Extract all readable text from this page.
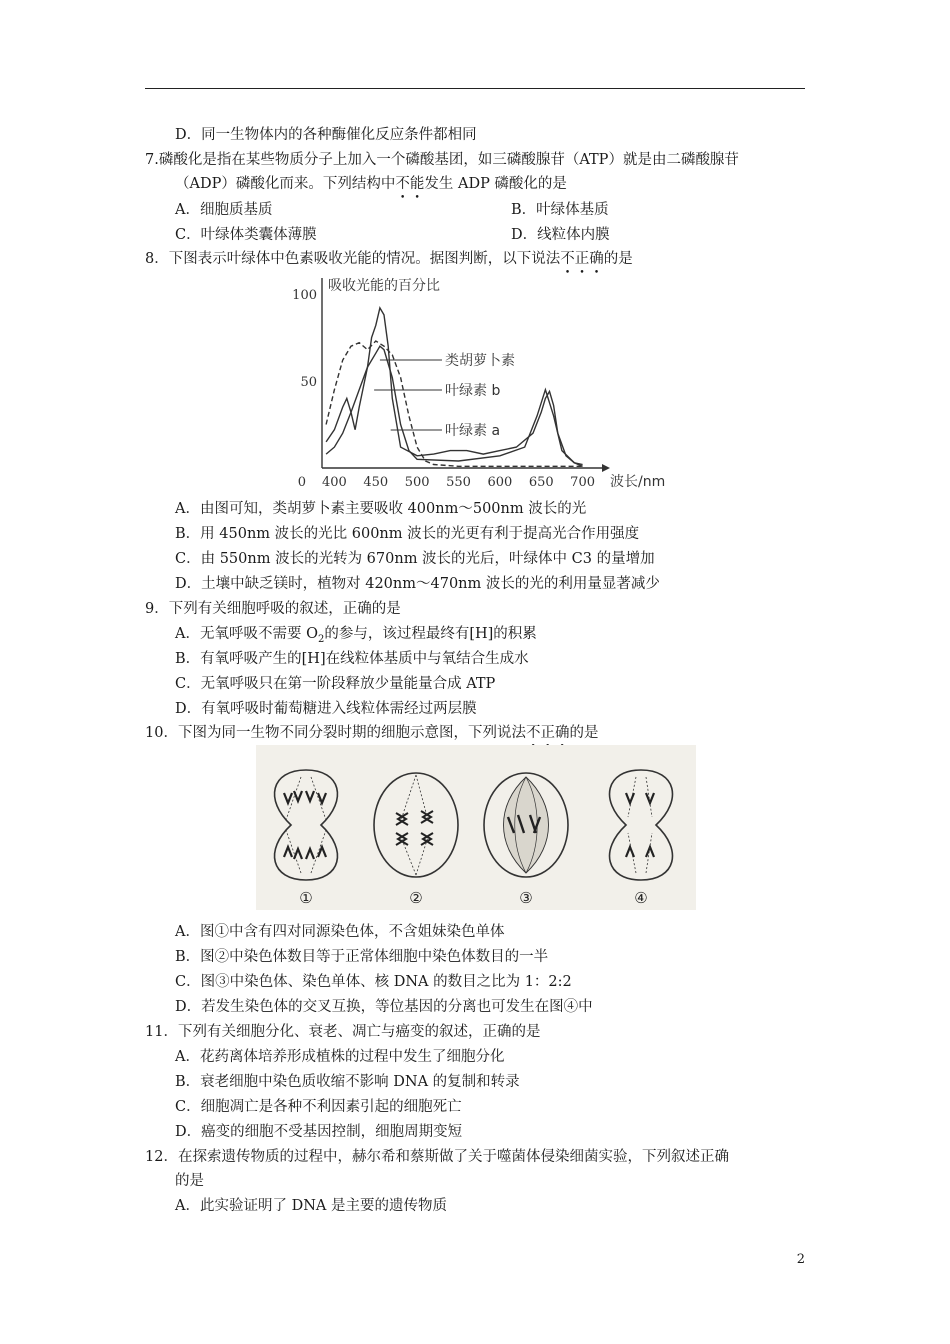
D．同一生物体内的各种酶催化反应条件都相同
7.磷酸化是指在某些物质分子上加入一个磷酸基团，如三磷酸腺苷（ATP）就是由二磷酸腺苷
（ADP）磷酸化而来。下列结构中不能发生 ADP 磷酸化的是
A．细胞质基质	B．叶绿体基质
C．叶绿体类囊体薄膜	D．线粒体内膜
8．下图表示叶绿体中色素吸收光能的情况。据图判断，以下说法不正确的是
吸收光能的百分比
400 450 500 550 600 650 700
100
50
0
类胡萝卜素
叶绿素 b
叶绿素 a
波长/nm
A．由图可知，类胡萝卜素主要吸收 400nm～500nm 波长的光
B．用 450nm 波长的光比 600nm 波长的光更有利于提高光合作用强度
C．由 550nm 波长的光转为 670nm 波长的光后，叶绿体中 C3 的量增加
D．土壤中缺乏镁时，植物对 420nm～470nm 波长的光的利用量显著减少
9．下列有关细胞呼吸的叙述，正确的是
A．无氧呼吸不需要 $O_2$的参与，该过程最终有[H]的积累
B．有氧呼吸产生的[H]在线粒体基质中与氧结合生成水
C．无氧呼吸只在第一阶段释放少量能量合成 ATP
D．有氧呼吸时葡萄糖进入线粒体需经过两层膜
10．下图为同一生物不同分裂时期的细胞示意图，下列说法不正确的是
①	②	③	④
A．图①中含有四对同源染色体，不含姐妹染色单体
B．图②中染色体数目等于正常体细胞中染色体数目的一半
C．图③中染色体、染色单体、核 DNA 的数目之比为 1：2:2
D．若发生染色体的交叉互换，等位基因的分离也可发生在图④中
11．下列有关细胞分化、衰老、凋亡与癌变的叙述，正确的是
A．花药离体培养形成植株的过程中发生了细胞分化
B．衰老细胞中染色质收缩不影响 DNA 的复制和转录
C．细胞凋亡是各种不利因素引起的细胞死亡
D．癌变的细胞不受基因控制，细胞周期变短
12．在探索遗传物质的过程中，赫尔希和蔡斯做了关于噬菌体侵染细菌实验，下列叙述正确
的是
A．此实验证明了 DNA 是主要的遗传物质
2
